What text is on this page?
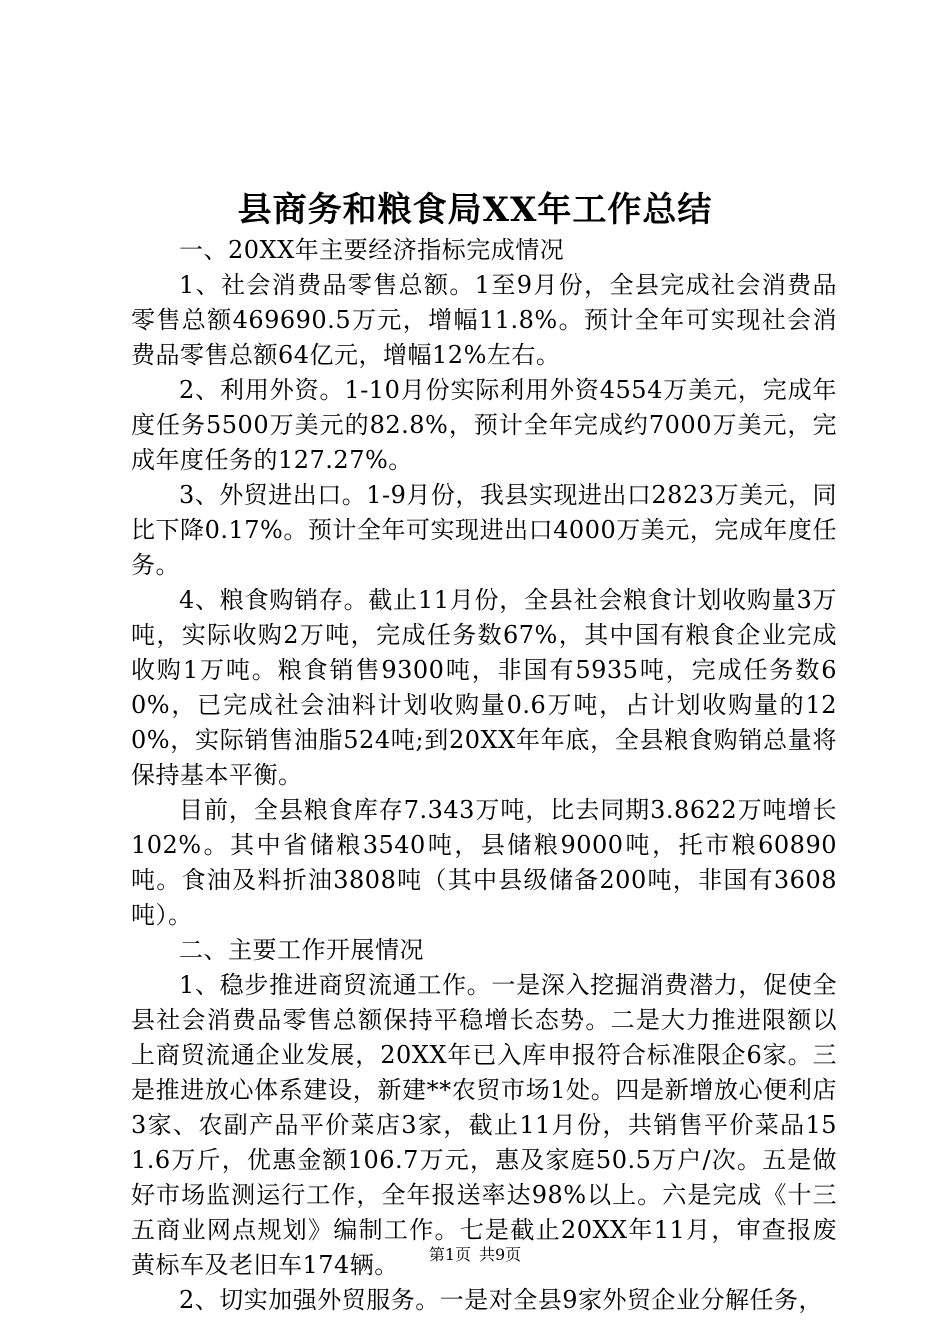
县商务和粮食局XX年工作总结

一、20XX年主要经济指标完成情况

1、社会消费品零售总额。1至9月份，全县完成社会消费品零售总额469690.5万元，增幅11.8%。预计全年可实现社会消费品零售总额64亿元，增幅12%左右。

2、利用外资。1-10月份实际利用外资4554万美元，完成年度任务5500万美元的82.8%，预计全年完成约7000万美元，完成年度任务的127.27%。

3、外贸进出口。1-9月份，我县实现进出口2823万美元，同比下降0.17%。预计全年可实现进出口4000万美元，完成年度任务。

4、粮食购销存。截止11月份，全县社会粮食计划收购量3万吨，实际收购2万吨，完成任务数67%，其中国有粮食企业完成收购1万吨。粮食销售9300吨，非国有5935吨，完成任务数60%，已完成社会油料计划收购量0.6万吨，占计划收购量的120%，实际销售油脂524吨;到20XX年年底，全县粮食购销总量将保持基本平衡。

目前，全县粮食库存7.343万吨，比去同期3.8622万吨增长102%。其中省储粮3540吨，县储粮9000吨，托市粮60890吨。食油及料折油3808吨（其中县级储备200吨，非国有3608吨）。

二、主要工作开展情况

1、稳步推进商贸流通工作。一是深入挖掘消费潜力，促使全县社会消费品零售总额保持平稳增长态势。二是大力推进限额以上商贸流通企业发展，20XX年已入库申报符合标准限企6家。三是推进放心体系建设，新建**农贸市场1处。四是新增放心便利店3家、农副产品平价菜店3家，截止11月份，共销售平价菜品151.6万斤，优惠金额106.7万元，惠及家庭50.5万户/次。五是做好市场监测运行工作，全年报送率达98%以上。六是完成《十三五商业网点规划》编制工作。七是截止20XX年11月，审查报废黄标车及老旧车174辆。

2、切实加强外贸服务。一是对全县9家外贸企业分解任务，

第1页 共9页
